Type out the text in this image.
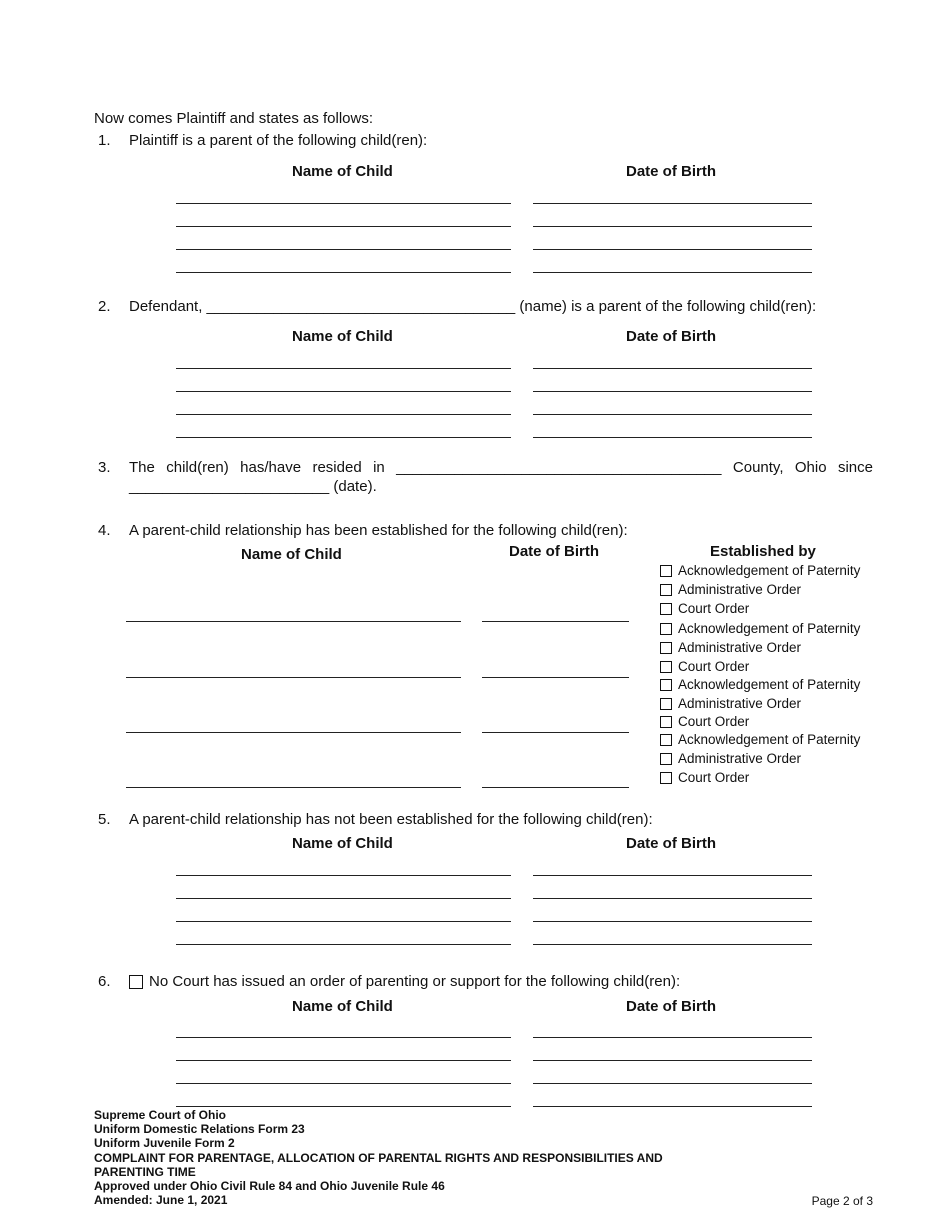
Now comes Plaintiff and states as follows:
1. Plaintiff is a parent of the following child(ren):
Name of Child	Date of Birth
2. Defendant, _____________________________________ (name) is a parent of the following child(ren):
Name of Child	Date of Birth
3. The child(ren) has/have resided in _______________________________________ County, Ohio since
________________________ (date).
4. A parent-child relationship has been established for the following child(ren):
Name of Child	Date of Birth	Established by
Acknowledgement of Paternity
Administrative Order
Court Order
Acknowledgement of Paternity
Administrative Order
Court Order
Acknowledgement of Paternity
Administrative Order
Court Order
Acknowledgement of Paternity
Administrative Order
Court Order
5. A parent-child relationship has not been established for the following child(ren):
Name of Child	Date of Birth
6.	No Court has issued an order of parenting or support for the following child(ren):
Name of Child	Date of Birth
Supreme Court of Ohio
Uniform Domestic Relations Form 23
Uniform Juvenile Form 2
COMPLAINT FOR PARENTAGE, ALLOCATION OF PARENTAL RIGHTS AND RESPONSIBILITIES AND
PARENTING TIME
Approved under Ohio Civil Rule 84 and Ohio Juvenile Rule 46
Amended: June 1, 2021	Page 2 of 3
